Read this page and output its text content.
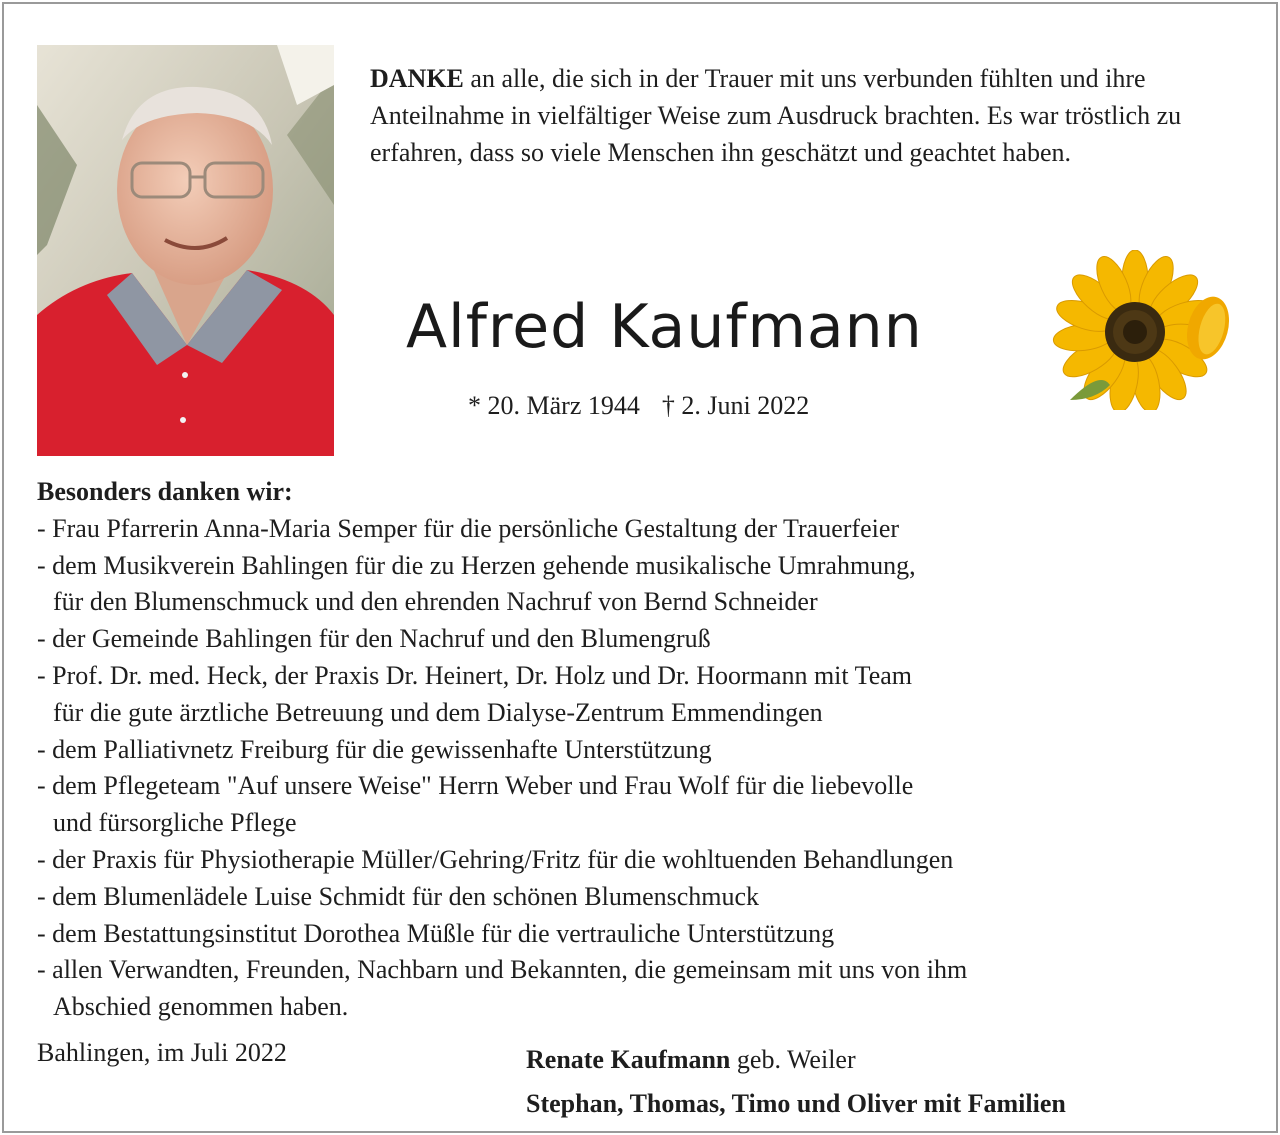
DANKE an alle, die sich in der Trauer mit uns verbunden fühlten und ihre Anteilnahme in vielfältiger Weise zum Ausdruck brachten. Es war tröstlich zu erfahren, dass so viele Menschen ihn geschätzt und geachtet haben.
Alfred Kaufmann
* 20. März 1944 † 2. Juni 2022
Besonders danken wir:
- Frau Pfarrerin Anna-Maria Semper für die persönliche Gestaltung der Trauerfeier
- dem Musikverein Bahlingen für die zu Herzen gehende musikalische Umrahmung,
für den Blumenschmuck und den ehrenden Nachruf von Bernd Schneider
- der Gemeinde Bahlingen für den Nachruf und den Blumengruß
- Prof. Dr. med. Heck, der Praxis Dr. Heinert, Dr. Holz und Dr. Hoormann mit Team
für die gute ärztliche Betreuung und dem Dialyse-Zentrum Emmendingen
- dem Palliativnetz Freiburg für die gewissenhafte Unterstützung
- dem Pflegeteam "Auf unsere Weise" Herrn Weber und Frau Wolf für die liebevolle
und fürsorgliche Pflege
- der Praxis für Physiotherapie Müller/Gehring/Fritz für die wohltuenden Behandlungen
- dem Blumenlädele Luise Schmidt für den schönen Blumenschmuck
- dem Bestattungsinstitut Dorothea Müßle für die vertrauliche Unterstützung
- allen Verwandten, Freunden, Nachbarn und Bekannten, die gemeinsam mit uns von ihm
Abschied genommen haben.
Bahlingen, im Juli 2022	Renate Kaufmann geb. Weiler
Stephan, Thomas, Timo und Oliver mit Familien
